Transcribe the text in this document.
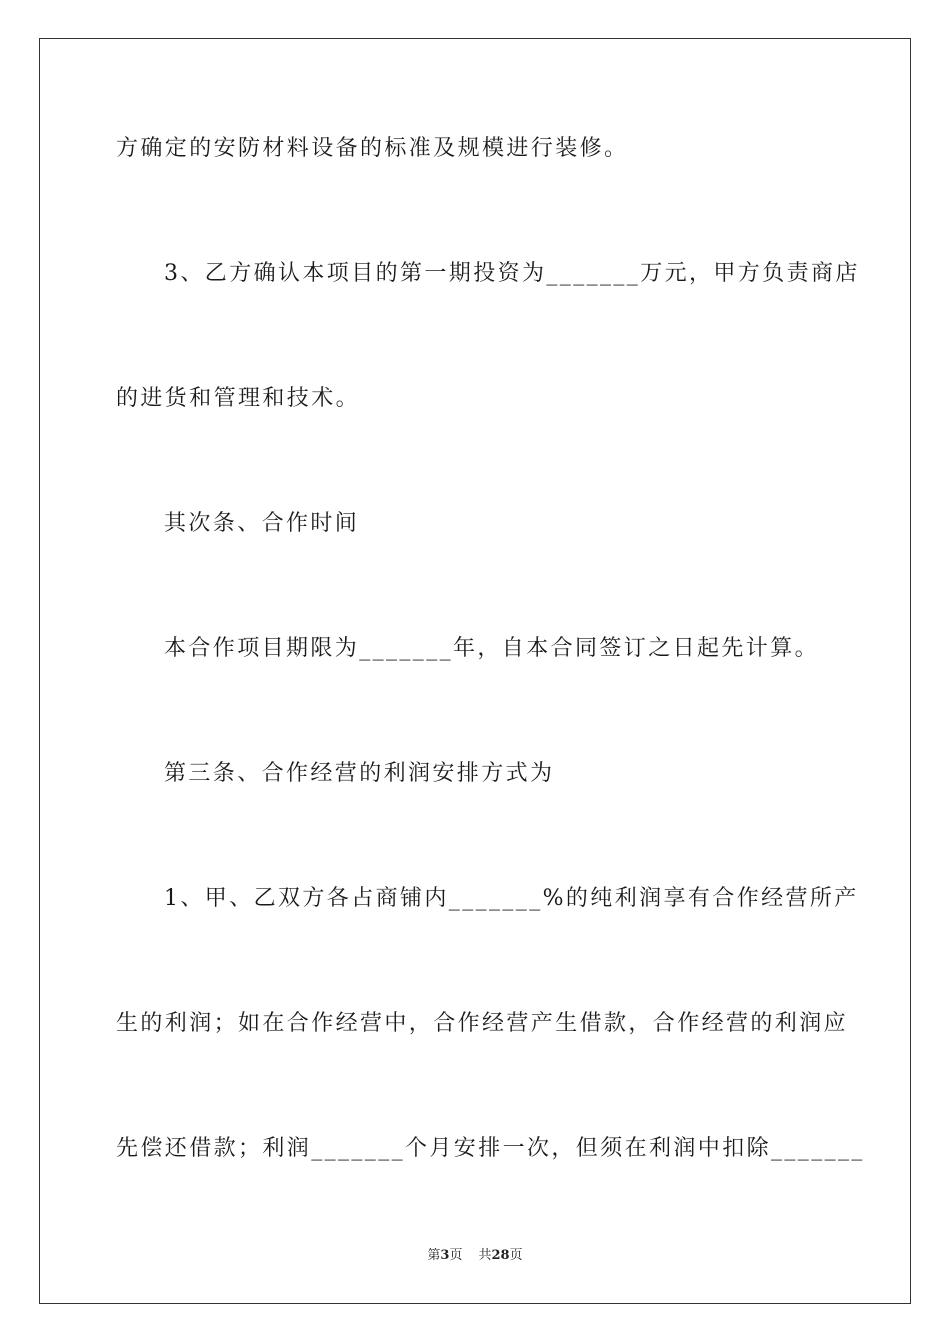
方确定的安防材料设备的标准及规模进行装修。
3、乙方确认本项目的第一期投资为_______万元，甲方负责商店
的进货和管理和技术。
其次条、合作时间
本合作项目期限为_______年，自本合同签订之日起先计算。
第三条、合作经营的利润安排方式为
1、甲、乙双方各占商铺内_______%的纯利润享有合作经营所产
生的利润；如在合作经营中，合作经营产生借款，合作经营的利润应
先偿还借款；利润_______个月安排一次，但须在利润中扣除_______
第3页 共28页
